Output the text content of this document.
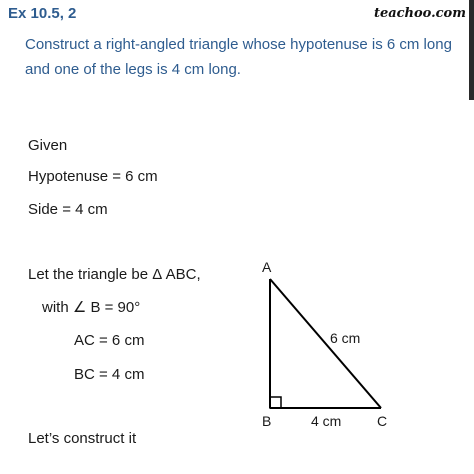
Ex 10.5, 2	teachoo.com
Construct a right-angled triangle whose hypotenuse is 6 cm long and one of the legs is 4 cm long.
Given
Hypotenuse = 6 cm
Side = 4 cm
Let the triangle be Δ ABC,
with ∠ B = 90°
AC = 6 cm
BC = 4 cm
Let’s construct it
A
B	C
6 cm
4 cm
